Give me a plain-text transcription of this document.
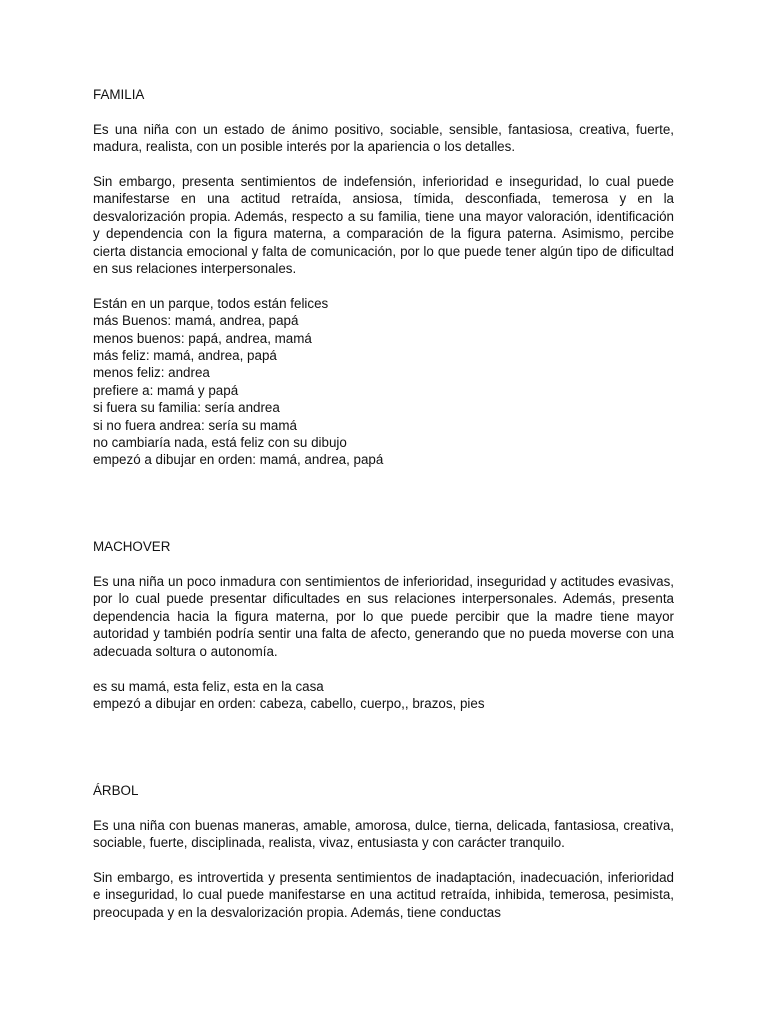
FAMILIA
Es una niña con un estado de ánimo positivo, sociable, sensible, fantasiosa, creativa, fuerte, madura, realista, con un posible interés por la apariencia o los detalles.
Sin embargo, presenta sentimientos de indefensión, inferioridad e inseguridad, lo cual puede manifestarse en una actitud retraída, ansiosa, tímida, desconfiada, temerosa y en la desvalorización propia. Además, respecto a su familia, tiene una mayor valoración, identificación y dependencia con la figura materna, a comparación de la figura paterna. Asimismo, percibe cierta distancia emocional y falta de comunicación, por lo que puede tener algún tipo de dificultad en sus relaciones interpersonales.
Están en un parque, todos están felices
más Buenos: mamá, andrea, papá
menos buenos: papá, andrea, mamá
más feliz: mamá, andrea, papá
menos feliz: andrea
prefiere a: mamá y papá
si fuera su familia: sería andrea
si no fuera andrea: sería su mamá
no cambiaría nada, está feliz con su dibujo
empezó a dibujar en orden: mamá, andrea, papá
MACHOVER
Es una niña un poco inmadura con sentimientos de inferioridad, inseguridad y actitudes evasivas, por lo cual puede presentar dificultades en sus relaciones interpersonales. Además, presenta dependencia hacia la figura materna, por lo que puede percibir que la madre tiene mayor autoridad y también podría sentir una falta de afecto, generando que no pueda moverse con una adecuada soltura o autonomía.
es su mamá, esta feliz, esta en la casa
empezó a dibujar en orden: cabeza, cabello, cuerpo,, brazos, pies
ÁRBOL
Es una niña con buenas maneras, amable, amorosa, dulce, tierna, delicada, fantasiosa, creativa, sociable, fuerte, disciplinada, realista, vivaz, entusiasta y con carácter tranquilo.
Sin embargo, es introvertida y presenta sentimientos de inadaptación, inadecuación, inferioridad e inseguridad, lo cual puede manifestarse en una actitud retraída, inhibida, temerosa, pesimista, preocupada y en la desvalorización propia. Además, tiene conductas
